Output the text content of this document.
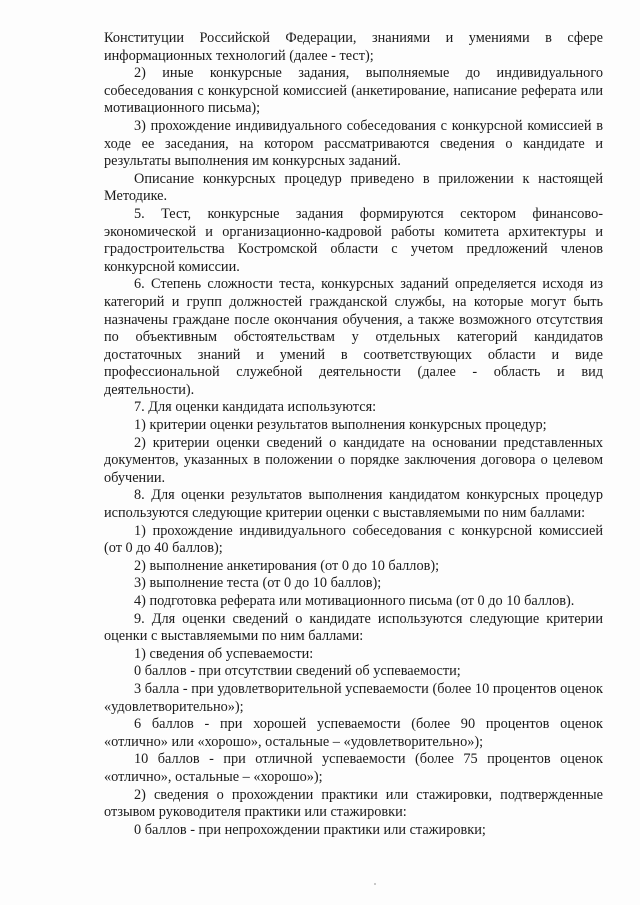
Конституции Российской Федерации, знаниями и умениями в сфере информационных технологий (далее - тест);

2) иные конкурсные задания, выполняемые до индивидуального собеседования с конкурсной комиссией (анкетирование, написание реферата или мотивационного письма);

3) прохождение индивидуального собеседования с конкурсной комиссией в ходе ее заседания, на котором рассматриваются сведения о кандидате и результаты выполнения им конкурсных заданий.

Описание конкурсных процедур приведено в приложении к настоящей Методике.

5. Тест, конкурсные задания формируются сектором финансово-экономической и организационно-кадровой работы комитета архитектуры и градостроительства Костромской области с учетом предложений членов конкурсной комиссии.

6. Степень сложности теста, конкурсных заданий определяется исходя из категорий и групп должностей гражданской службы, на которые могут быть назначены граждане после окончания обучения, а также возможного отсутствия по объективным обстоятельствам у отдельных категорий кандидатов достаточных знаний и умений в соответствующих области и виде профессиональной служебной деятельности (далее - область и вид деятельности).

7. Для оценки кандидата используются:

1) критерии оценки результатов выполнения конкурсных процедур;

2) критерии оценки сведений о кандидате на основании представленных документов, указанных в положении о порядке заключения договора о целевом обучении.

8. Для оценки результатов выполнения кандидатом конкурсных процедур используются следующие критерии оценки с выставляемыми по ним баллами:

1) прохождение индивидуального собеседования с конкурсной комиссией (от 0 до 40 баллов);

2) выполнение анкетирования (от 0 до 10 баллов);

3) выполнение теста (от 0 до 10 баллов);

4) подготовка реферата или мотивационного письма (от 0 до 10 баллов).

9. Для оценки сведений о кандидате используются следующие критерии оценки с выставляемыми по ним баллами:

1) сведения об успеваемости:

0 баллов - при отсутствии сведений об успеваемости;

3 балла - при удовлетворительной успеваемости (более 10 процентов оценок «удовлетворительно»);

6 баллов - при хорошей успеваемости (более 90 процентов оценок «отлично» или «хорошо», остальные – «удовлетворительно»);

10 баллов - при отличной успеваемости (более 75 процентов оценок «отлично», остальные – «хорошо»);

2) сведения о прохождении практики или стажировки, подтвержденные отзывом руководителя практики или стажировки:

0 баллов - при непрохождении практики или стажировки;
